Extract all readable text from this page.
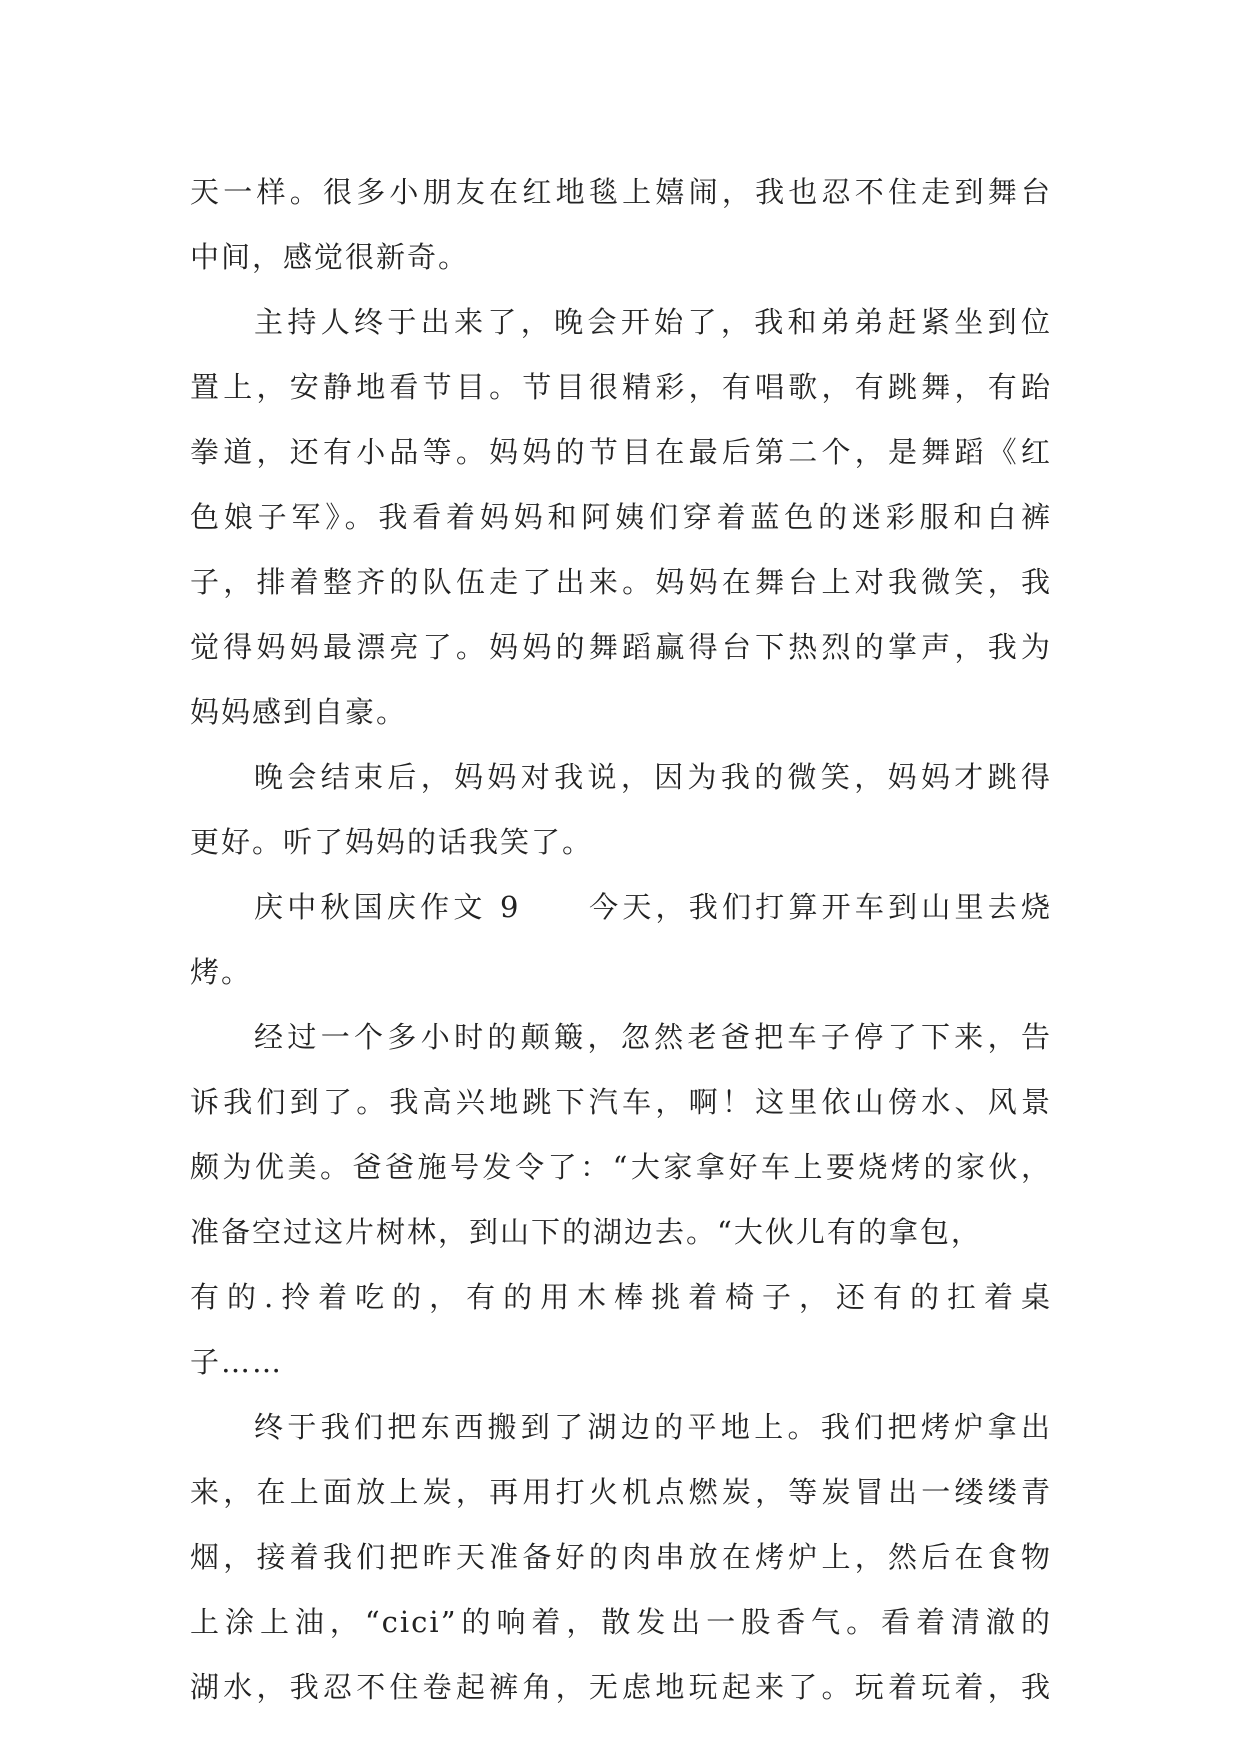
天一样。很多小朋友在红地毯上嬉闹，我也忍不住走到舞台
中间，感觉很新奇。
主持人终于出来了，晚会开始了，我和弟弟赶紧坐到位
置上，安静地看节目。节目很精彩，有唱歌，有跳舞，有跆
拳道，还有小品等。妈妈的节目在最后第二个，是舞蹈《红
色娘子军》。我看着妈妈和阿姨们穿着蓝色的迷彩服和白裤
子，排着整齐的队伍走了出来。妈妈在舞台上对我微笑，我
觉得妈妈最漂亮了。妈妈的舞蹈赢得台下热烈的掌声，我为
妈妈感到自豪。
晚会结束后，妈妈对我说，因为我的微笑，妈妈才跳得
更好。听了妈妈的话我笑了。
庆中秋国庆作文 9　　今天，我们打算开车到山里去烧
烤。
经过一个多小时的颠簸，忽然老爸把车子停了下来，告
诉我们到了。我高兴地跳下汽车，啊！这里依山傍水、风景
颇为优美。爸爸施号发令了：“大家拿好车上要烧烤的家伙，
准备空过这片树林，到山下的湖边去。“大伙儿有的拿包，
有的.拎着吃的，有的用木棒挑着椅子，还有的扛着桌
子……
终于我们把东西搬到了湖边的平地上。我们把烤炉拿出
来，在上面放上炭，再用打火机点燃炭，等炭冒出一缕缕青
烟，接着我们把昨天准备好的肉串放在烤炉上，然后在食物
上涂上油，“cici”的响着，散发出一股香气。看着清澈的
湖水，我忍不住卷起裤角，无虑地玩起来了。玩着玩着，我
